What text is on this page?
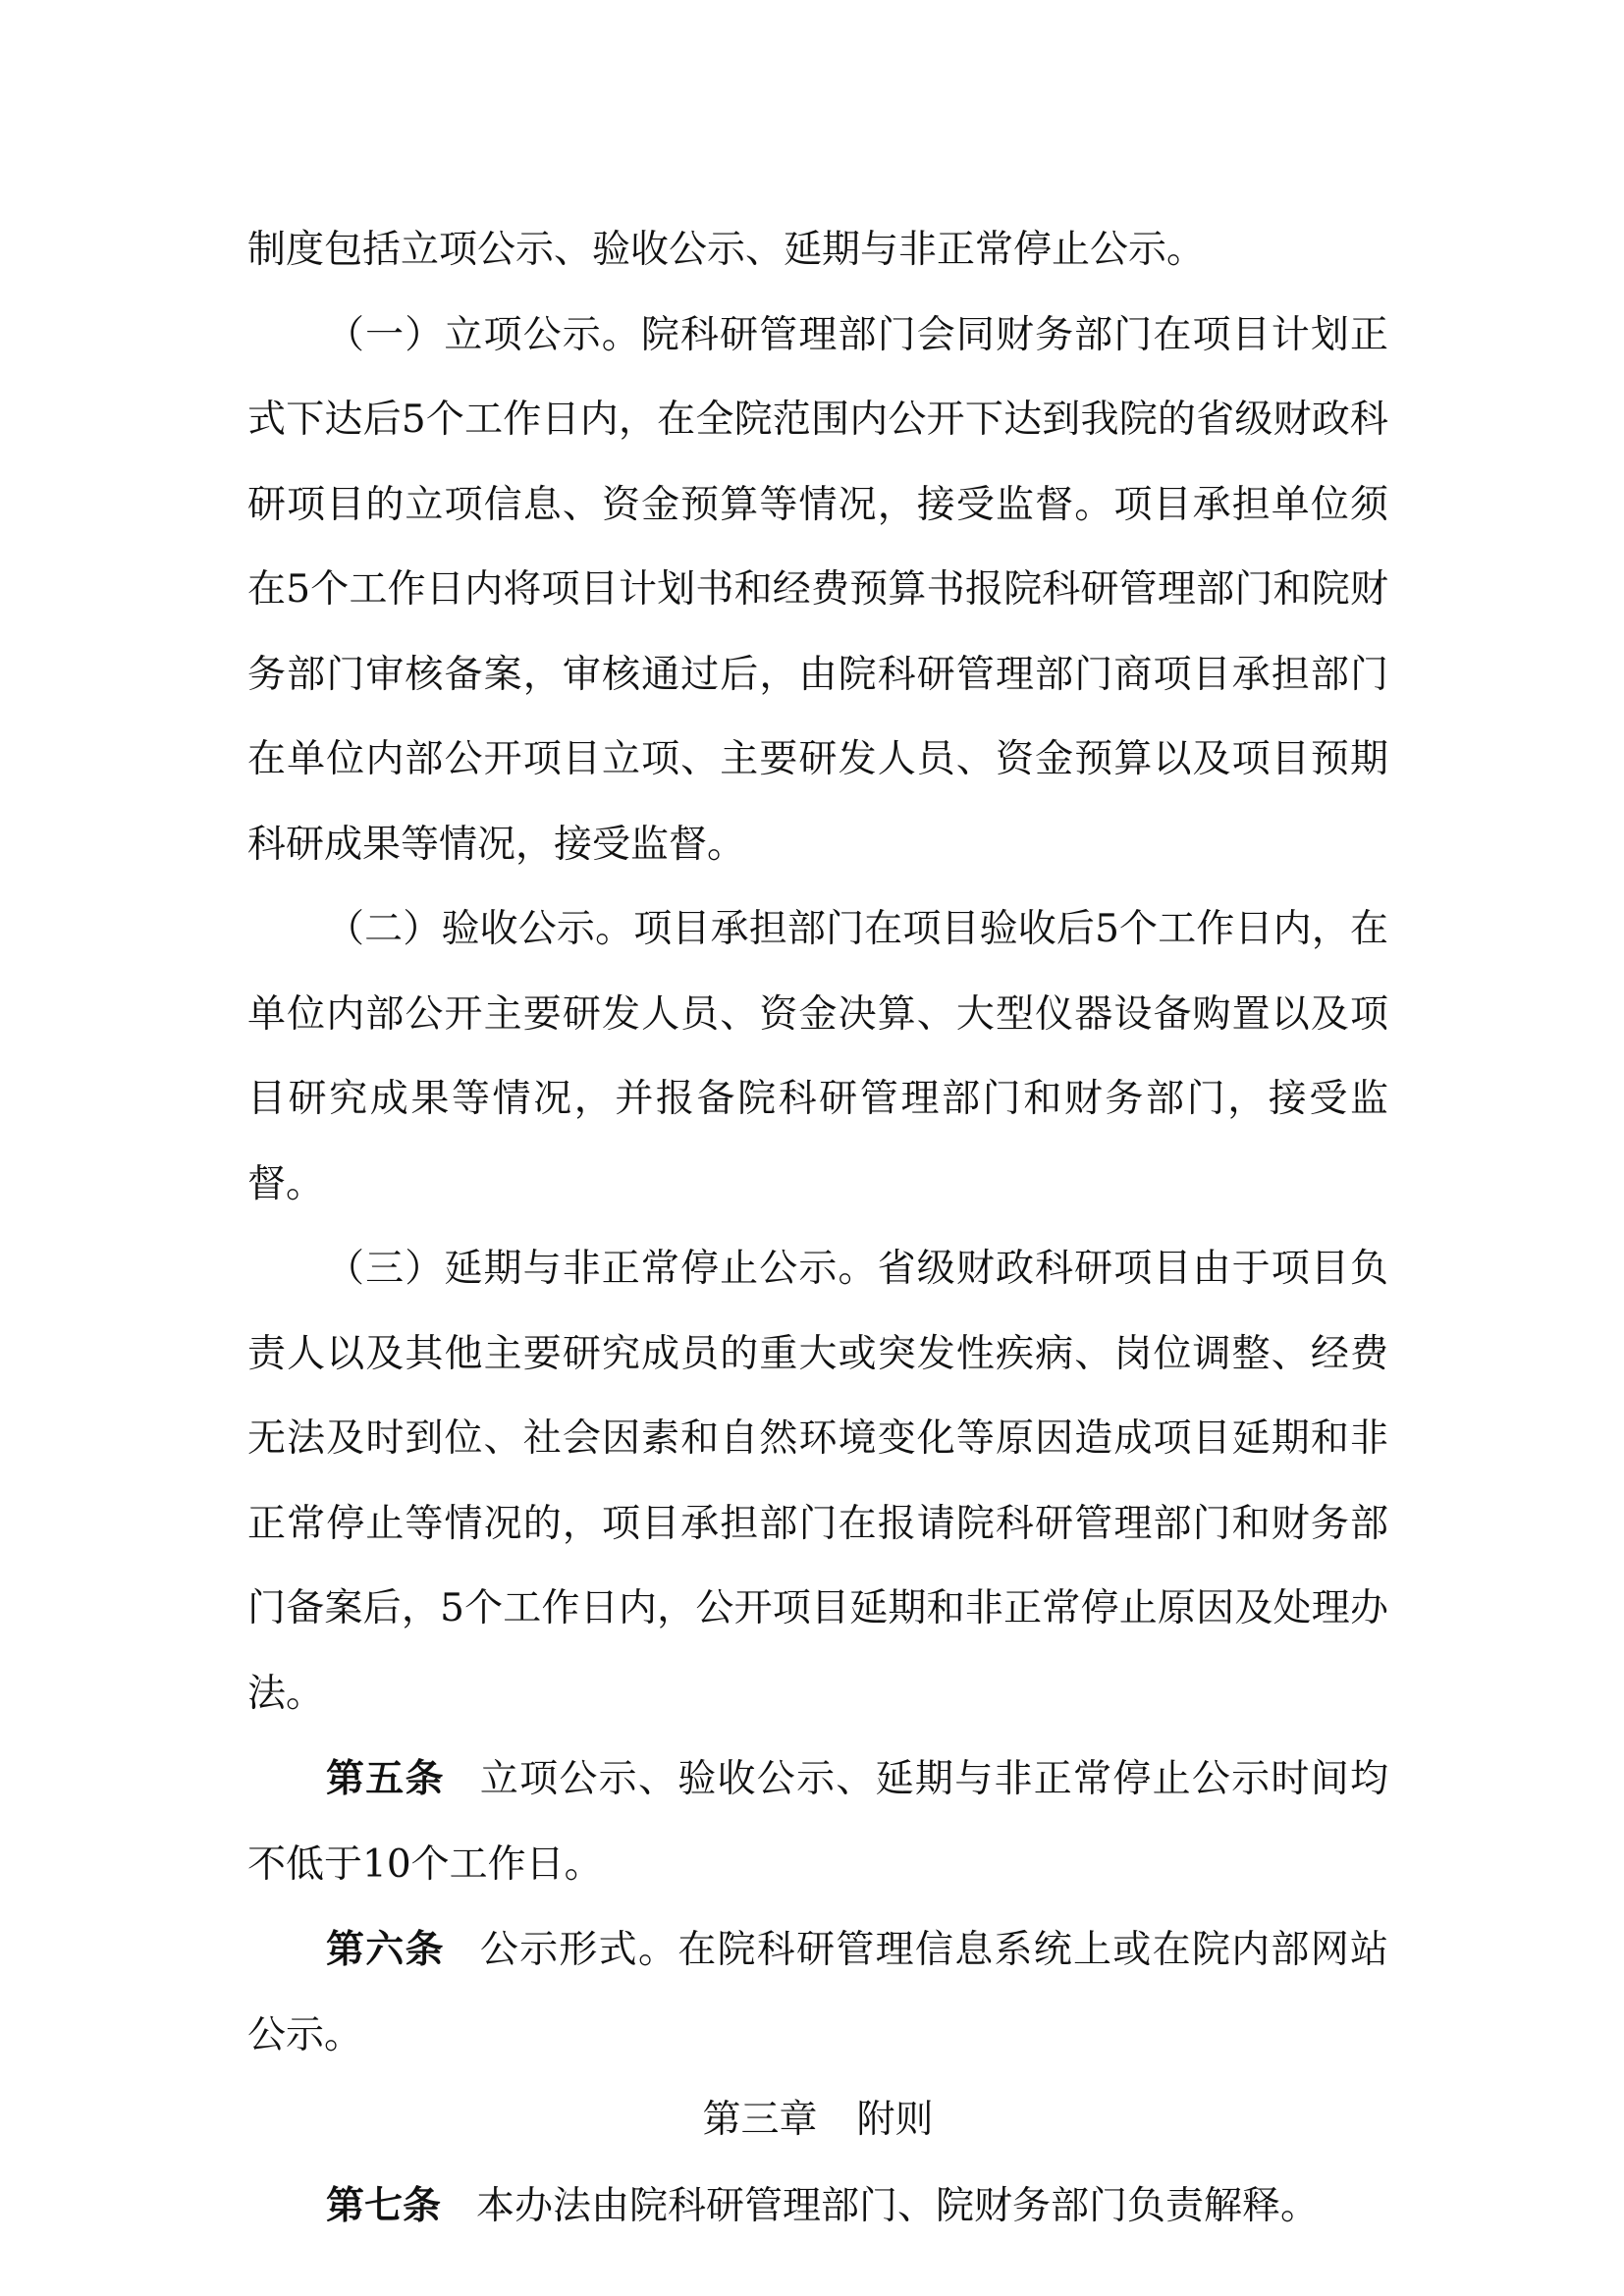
制度包括立项公示、验收公示、延期与非正常停止公示。

（一）立项公示。院科研管理部门会同财务部门在项目计划正式下达后5个工作日内，在全院范围内公开下达到我院的省级财政科研项目的立项信息、资金预算等情况，接受监督。项目承担单位须在5个工作日内将项目计划书和经费预算书报院科研管理部门和院财务部门审核备案，审核通过后，由院科研管理部门商项目承担部门在单位内部公开项目立项、主要研发人员、资金预算以及项目预期科研成果等情况，接受监督。

（二）验收公示。项目承担部门在项目验收后5个工作日内，在单位内部公开主要研发人员、资金决算、大型仪器设备购置以及项目研究成果等情况，并报备院科研管理部门和财务部门，接受监督。

（三）延期与非正常停止公示。省级财政科研项目由于项目负责人以及其他主要研究成员的重大或突发性疾病、岗位调整、经费无法及时到位、社会因素和自然环境变化等原因造成项目延期和非正常停止等情况的，项目承担部门在报请院科研管理部门和财务部门备案后，5个工作日内，公开项目延期和非正常停止原因及处理办法。

第五条 立项公示、验收公示、延期与非正常停止公示时间均不低于10个工作日。

第六条 公示形式。在院科研管理信息系统上或在院内部网站公示。

第三章 附则

第七条 本办法由院科研管理部门、院财务部门负责解释。
